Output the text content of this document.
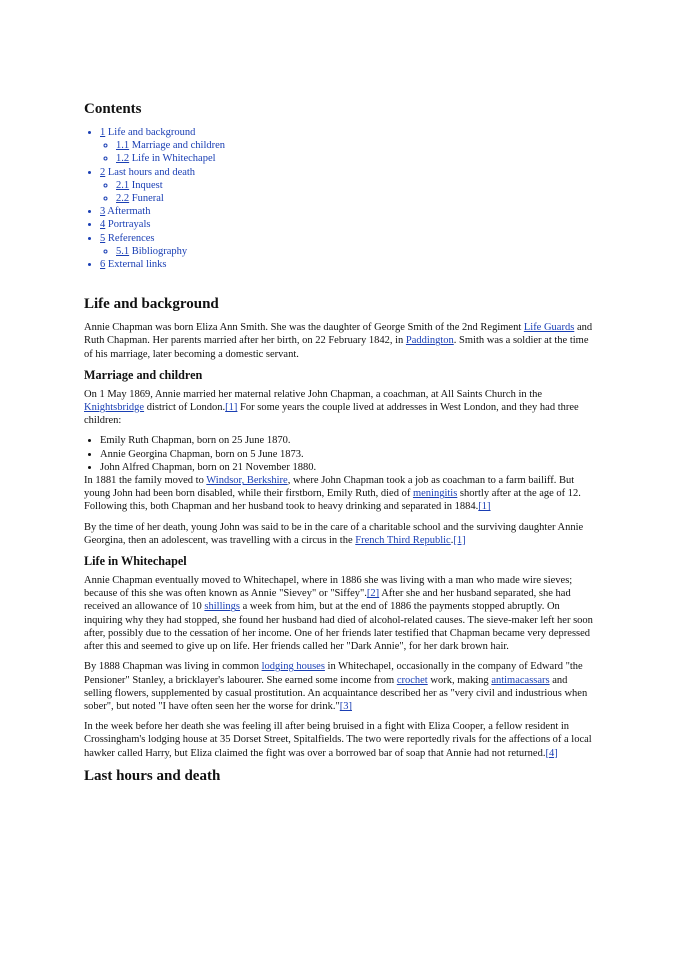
Contents
• 1 Life and background
◦ 1.1 Marriage and children
◦ 1.2 Life in Whitechapel
• 2 Last hours and death
◦ 2.1 Inquest
◦ 2.2 Funeral
• 3 Aftermath
• 4 Portrayals
• 5 References
◦ 5.1 Bibliography
• 6 External links
Life and background

Annie Chapman was born Eliza Ann Smith. She was the daughter of George Smith of the 2nd Regiment Life Guards and Ruth Chapman. Her parents married after her birth, on 22 February 1842, in Paddington. Smith was a soldier at the time of his marriage, later becoming a domestic servant.

Marriage and children

On 1 May 1869, Annie married her maternal relative John Chapman, a coachman, at All Saints Church in the Knightsbridge district of London.[1] For some years the couple lived at addresses in West London, and they had three children:

• Emily Ruth Chapman, born on 25 June 1870.
• Annie Georgina Chapman, born on 5 June 1873.
• John Alfred Chapman, born on 21 November 1880.

In 1881 the family moved to Windsor, Berkshire, where John Chapman took a job as coachman to a farm bailiff. But young John had been born disabled, while their firstborn, Emily Ruth, died of meningitis shortly after at the age of 12. Following this, both Chapman and her husband took to heavy drinking and separated in 1884.[1]

By the time of her death, young John was said to be in the care of a charitable school and the surviving daughter Annie Georgina, then an adolescent, was travelling with a circus in the French Third Republic.[1]

Life in Whitechapel

Annie Chapman eventually moved to Whitechapel, where in 1886 she was living with a man who made wire sieves; because of this she was often known as Annie "Sievey" or "Siffey".[2] After she and her husband separated, she had received an allowance of 10 shillings a week from him, but at the end of 1886 the payments stopped abruptly. On inquiring why they had stopped, she found her husband had died of alcohol-related causes. The sieve-maker left her soon after, possibly due to the cessation of her income. One of her friends later testified that Chapman became very depressed after this and seemed to give up on life. Her friends called her "Dark Annie", for her dark brown hair.

By 1888 Chapman was living in common lodging houses in Whitechapel, occasionally in the company of Edward "the Pensioner" Stanley, a bricklayer's labourer. She earned some income from crochet work, making antimacassars and selling flowers, supplemented by casual prostitution. An acquaintance described her as "very civil and industrious when sober", but noted "I have often seen her the worse for drink."[3]

In the week before her death she was feeling ill after being bruised in a fight with Eliza Cooper, a fellow resident in Crossingham's lodging house at 35 Dorset Street, Spitalfields. The two were reportedly rivals for the affections of a local hawker called Harry, but Eliza claimed the fight was over a borrowed bar of soap that Annie had not returned.[4]

Last hours and death
